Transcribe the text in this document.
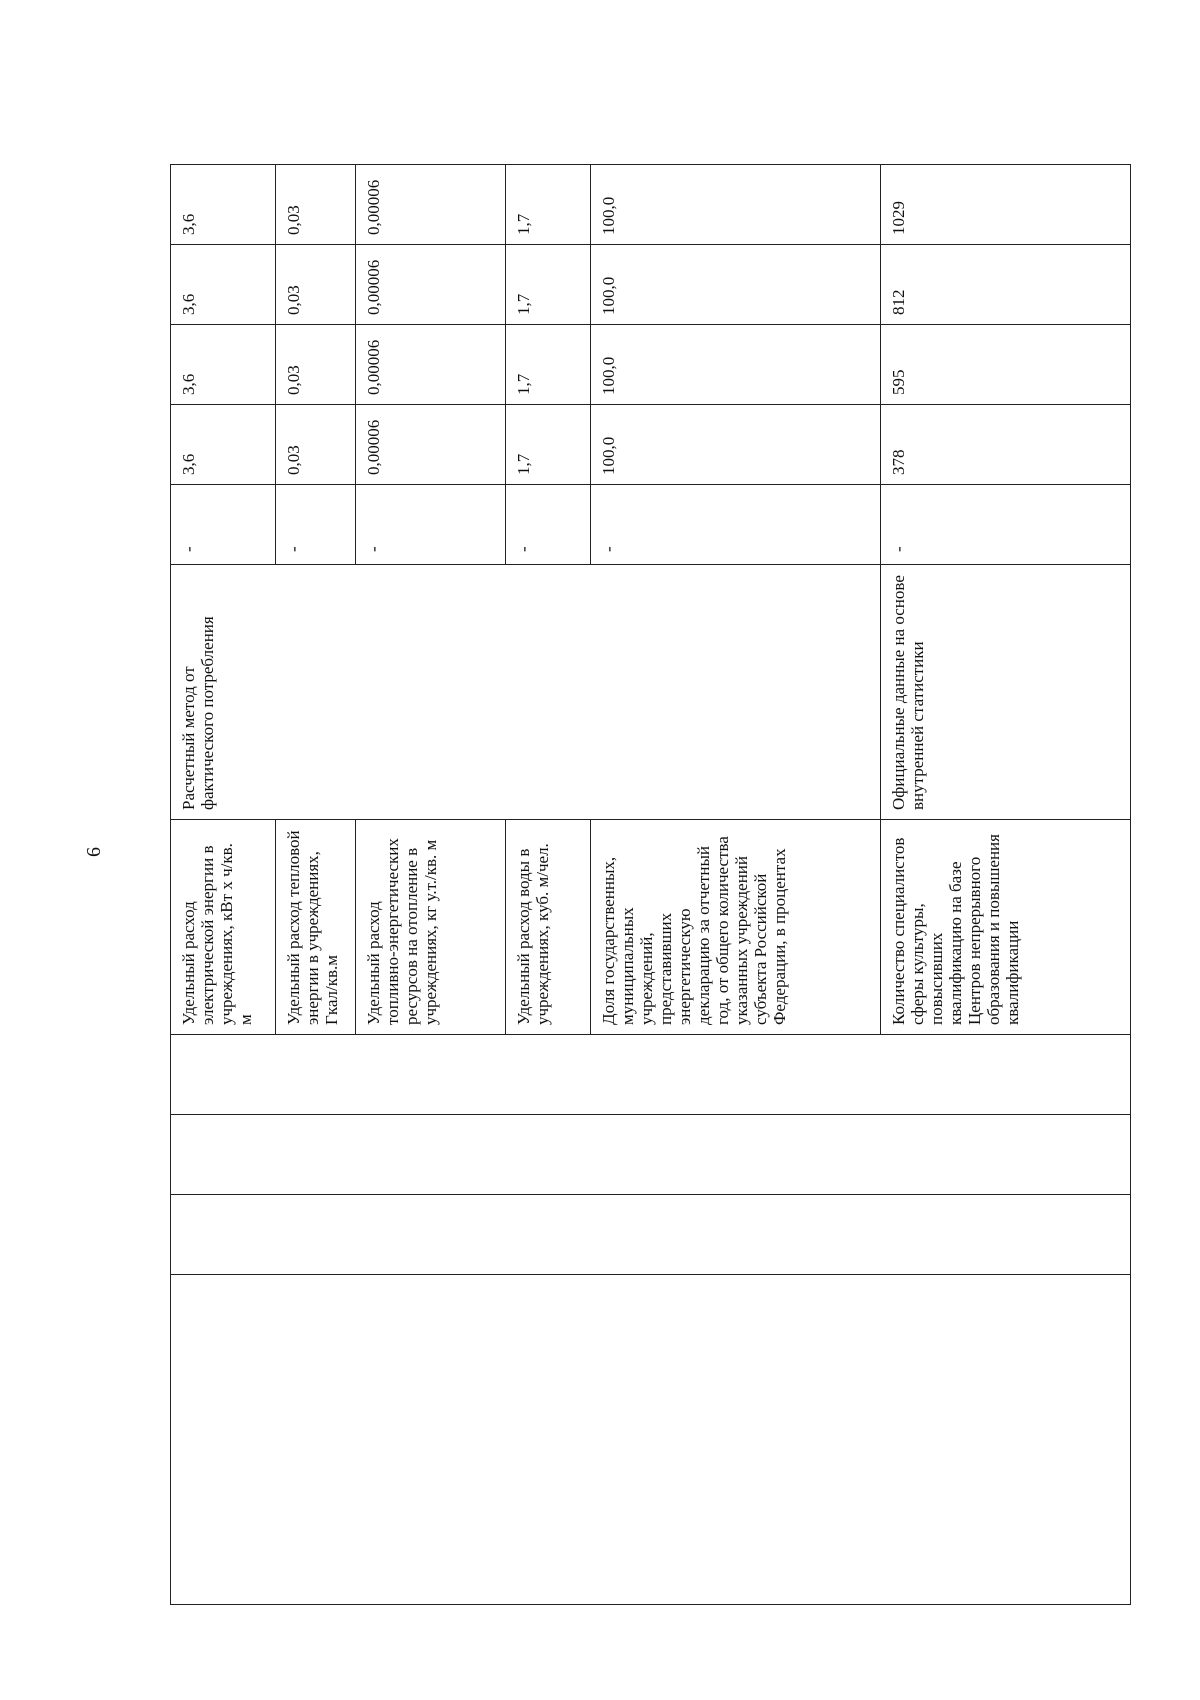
6
				Удельный расход электрической энергии в учреждениях, кВт х ч/кв. м	Расчетный метод от фактического потребления	-	3,6	3,6	3,6	3,6
				Удельный расход тепловой энергии в учреждениях, Гкал/кв.м		-	0,03	0,03	0,03	0,03
				Удельный расход топливно-энергетических ресурсов на отопление в учреждениях, кг у.т./кв. м		-	0,00006	0,00006	0,00006	0,00006
				Удельный расход воды в учреждениях, куб. м/чел.		-	1,7	1,7	1,7	1,7
				Доля государственных, муниципальных учреждений, представивших энергетическую декларацию за отчетный год, от общего количества указанных учреждений субъекта Российской Федерации, в процентах		-	100,0	100,0	100,0	100,0
				Количество специалистов сферы культуры, повысивших квалификацию на базе Центров непрерывного образования и повышения квалификации	Официальные данные на основе внутренней статистики	-	378	595	812	1029
